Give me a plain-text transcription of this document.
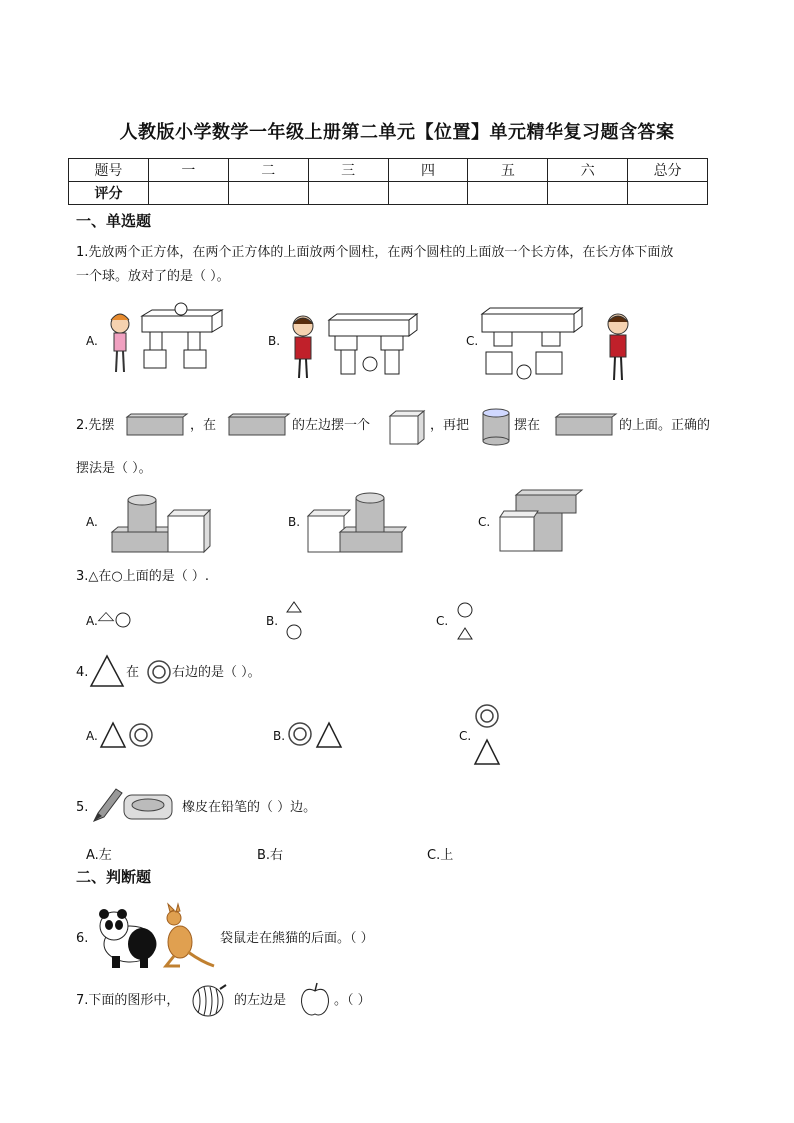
人教版小学数学一年级上册第二单元【位置】单元精华复习题含答案
题号	一	二	三	四	五	六	总分
评分							
一、单选题
1.先放两个正方体，在两个正方体的上面放两个圆柱，在两个圆柱的上面放一个长方体，在长方体下面放
一个球。放对了的是（ ）。
A.	B.	C.
2.先摆	，在	的左边摆一个	，再把	摆在	的上面。正确的
摆法是（ ）。
A.	B.	C.
3.△在○上面的是（ ）.
A.	B.	C.
4.	在	右边的是（ ）。
A.	B.	C.
5.	橡皮在铅笔的（ ）边。
A.左	B.右	C.上
二、判断题
6.	袋鼠走在熊猫的后面。（ ）
7.下面的图形中，	的左边是	。（ ）
